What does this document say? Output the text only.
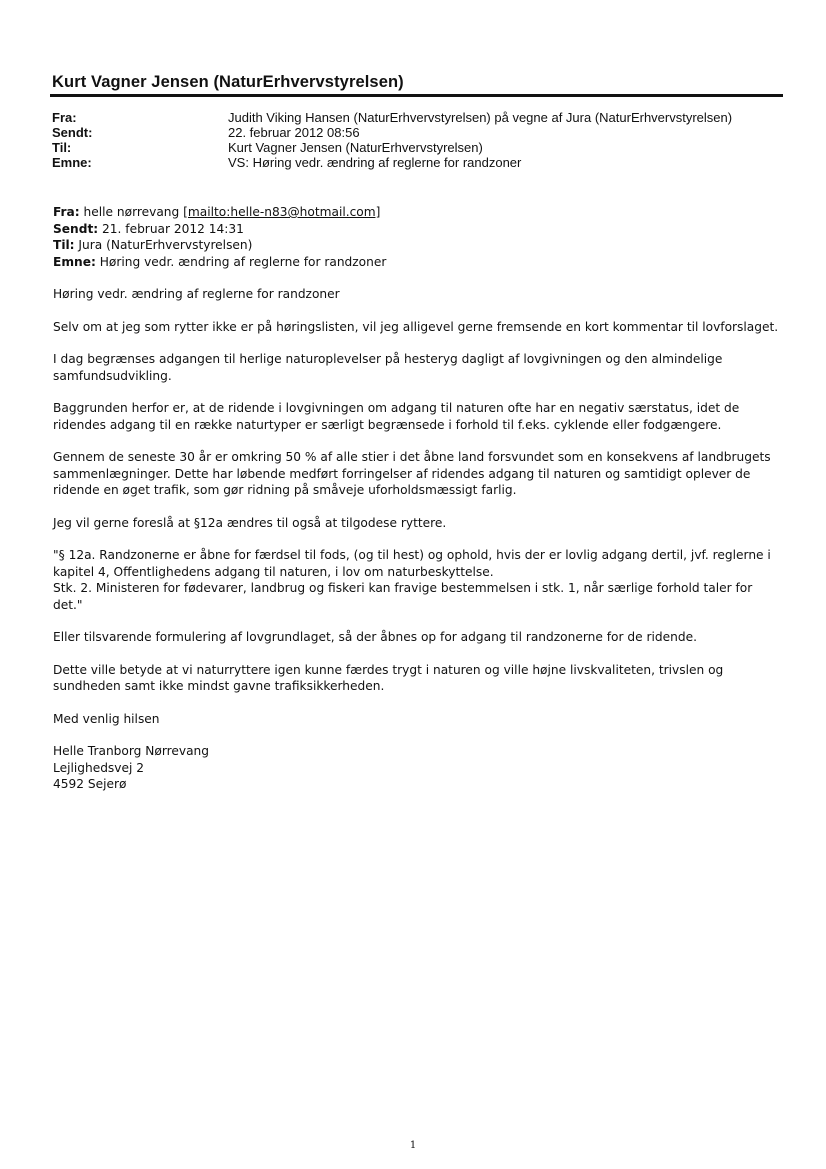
Kurt Vagner Jensen (NaturErhvervstyrelsen)
Fra:	Judith Viking Hansen (NaturErhvervstyrelsen) på vegne af Jura (NaturErhvervstyrelsen)
Sendt:	22. februar 2012 08:56
Til:	Kurt Vagner Jensen (NaturErhvervstyrelsen)
Emne:	VS: Høring vedr. ændring af reglerne for randzoner
Fra: helle nørrevang [mailto:helle-n83@hotmail.com]
Sendt: 21. februar 2012 14:31
Til: Jura (NaturErhvervstyrelsen)
Emne: Høring vedr. ændring af reglerne for randzoner

Høring vedr. ændring af reglerne for randzoner

Selv om at jeg som rytter ikke er på høringslisten, vil jeg alligevel gerne fremsende en kort kommentar til lovforslaget.

I dag begrænses adgangen til herlige naturoplevelser på hesteryg dagligt af lovgivningen og den almindelige samfundsudvikling.

Baggrunden herfor er, at de ridende i lovgivningen om adgang til naturen ofte har en negativ særstatus, idet de ridendes adgang til en række naturtyper er særligt begrænsede i forhold til f.eks. cyklende eller fodgængere.

Gennem de seneste 30 år er omkring 50 % af alle stier i det åbne land forsvundet som en konsekvens af landbrugets sammenlægninger. Dette har løbende medført forringelser af ridendes adgang til naturen og samtidigt oplever de ridende en øget trafik, som gør ridning på småveje uforholdsmæssigt farlig.

Jeg vil gerne foreslå at §12a ændres til også at tilgodese ryttere.

"§ 12a. Randzonerne er åbne for færdsel til fods, (og til hest) og ophold, hvis der er lovlig adgang dertil, jvf. reglerne i kapitel 4, Offentlighedens adgang til naturen, i lov om naturbeskyttelse.

Stk. 2. Ministeren for fødevarer, landbrug og fiskeri kan fravige bestemmelsen i stk. 1, når særlige forhold taler for det."

Eller tilsvarende formulering af lovgrundlaget, så der åbnes op for adgang til randzonerne for de ridende.

Dette ville betyde at vi naturryttere igen kunne færdes trygt i naturen og ville højne livskvaliteten, trivslen og sundheden samt ikke mindst gavne trafiksikkerheden.

Med venlig hilsen

Helle Tranborg Nørrevang

Lejlighedsvej 2

4592 Sejerø

1
